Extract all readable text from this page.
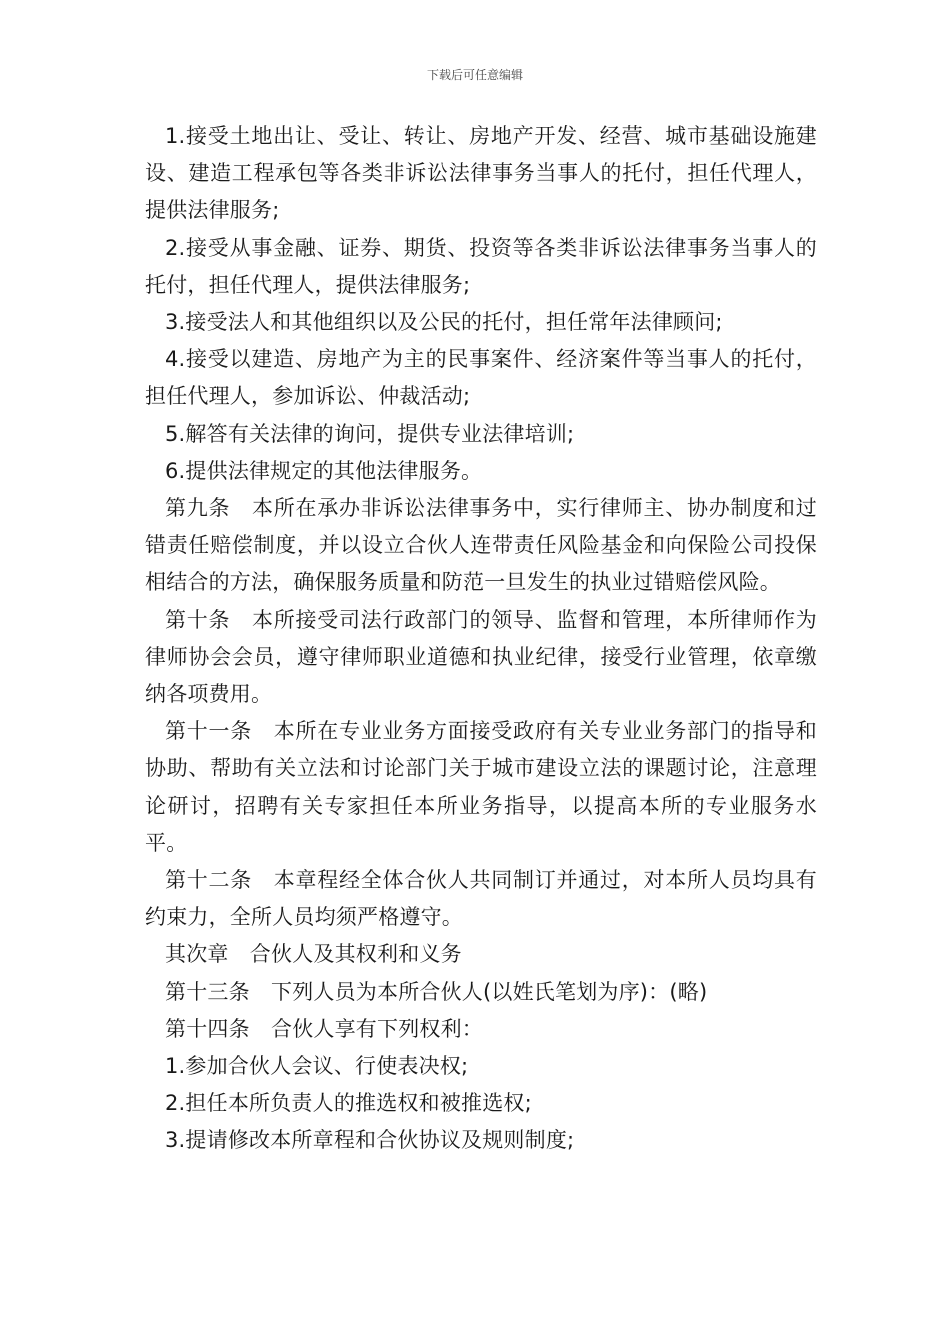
下载后可任意编辑

1.接受土地出让、受让、转让、房地产开发、经营、城市基础设施建设、建造工程承包等各类非诉讼法律事务当事人的托付，担任代理人，提供法律服务;

2.接受从事金融、证券、期货、投资等各类非诉讼法律事务当事人的托付，担任代理人，提供法律服务;

3.接受法人和其他组织以及公民的托付，担任常年法律顾问;

4.接受以建造、房地产为主的民事案件、经济案件等当事人的托付，担任代理人，参加诉讼、仲裁活动;

5.解答有关法律的询问，提供专业法律培训;

6.提供法律规定的其他法律服务。

第九条　本所在承办非诉讼法律事务中，实行律师主、协办制度和过错责任赔偿制度，并以设立合伙人连带责任风险基金和向保险公司投保相结合的方法，确保服务质量和防范一旦发生的执业过错赔偿风险。

第十条　本所接受司法行政部门的领导、监督和管理，本所律师作为律师协会会员，遵守律师职业道德和执业纪律，接受行业管理，依章缴纳各项费用。

第十一条　本所在专业业务方面接受政府有关专业业务部门的指导和协助、帮助有关立法和讨论部门关于城市建设立法的课题讨论，注意理论研讨，招聘有关专家担任本所业务指导，以提高本所的专业服务水平。

第十二条　本章程经全体合伙人共同制订并通过，对本所人员均具有约束力，全所人员均须严格遵守。

其次章　合伙人及其权利和义务

第十三条　下列人员为本所合伙人(以姓氏笔划为序)：(略)

第十四条　合伙人享有下列权利：

1.参加合伙人会议、行使表决权;

2.担任本所负责人的推选权和被推选权;

3.提请修改本所章程和合伙协议及规则制度;
